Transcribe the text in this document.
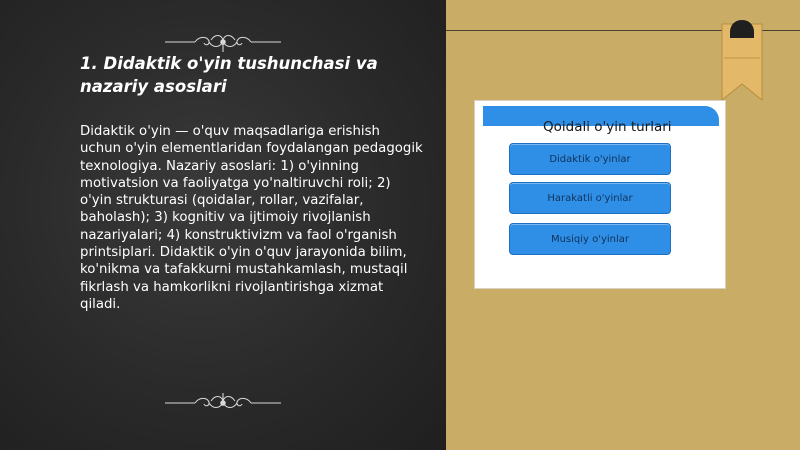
1. Didaktik o'yin tushunchasi va nazariy asoslari

Didaktik o'yin — o'quv maqsadlariga erishish uchun o'yin elementlaridan foydalangan pedagogik texnologiya. Nazariy asoslari: 1) o'yinning motivatsion va faoliyatga yo'naltiruvchi roli; 2) o'yin strukturasi (qoidalar, rollar, vazifalar, baholash); 3) kognitiv va ijtimoiy rivojlanish nazariyalari; 4) konstruktivizm va faol o'rganish printsiplari. Didaktik o'yin o'quv jarayonida bilim, ko'nikma va tafakkurni mustahkamlash, mustaqil fikrlash va hamkorlikni rivojlantirishga xizmat qiladi.

Qoidali o'yin turlari
Didaktik o'yinlar
Harakatli o'yinlar
Musiqiy o'yinlar
